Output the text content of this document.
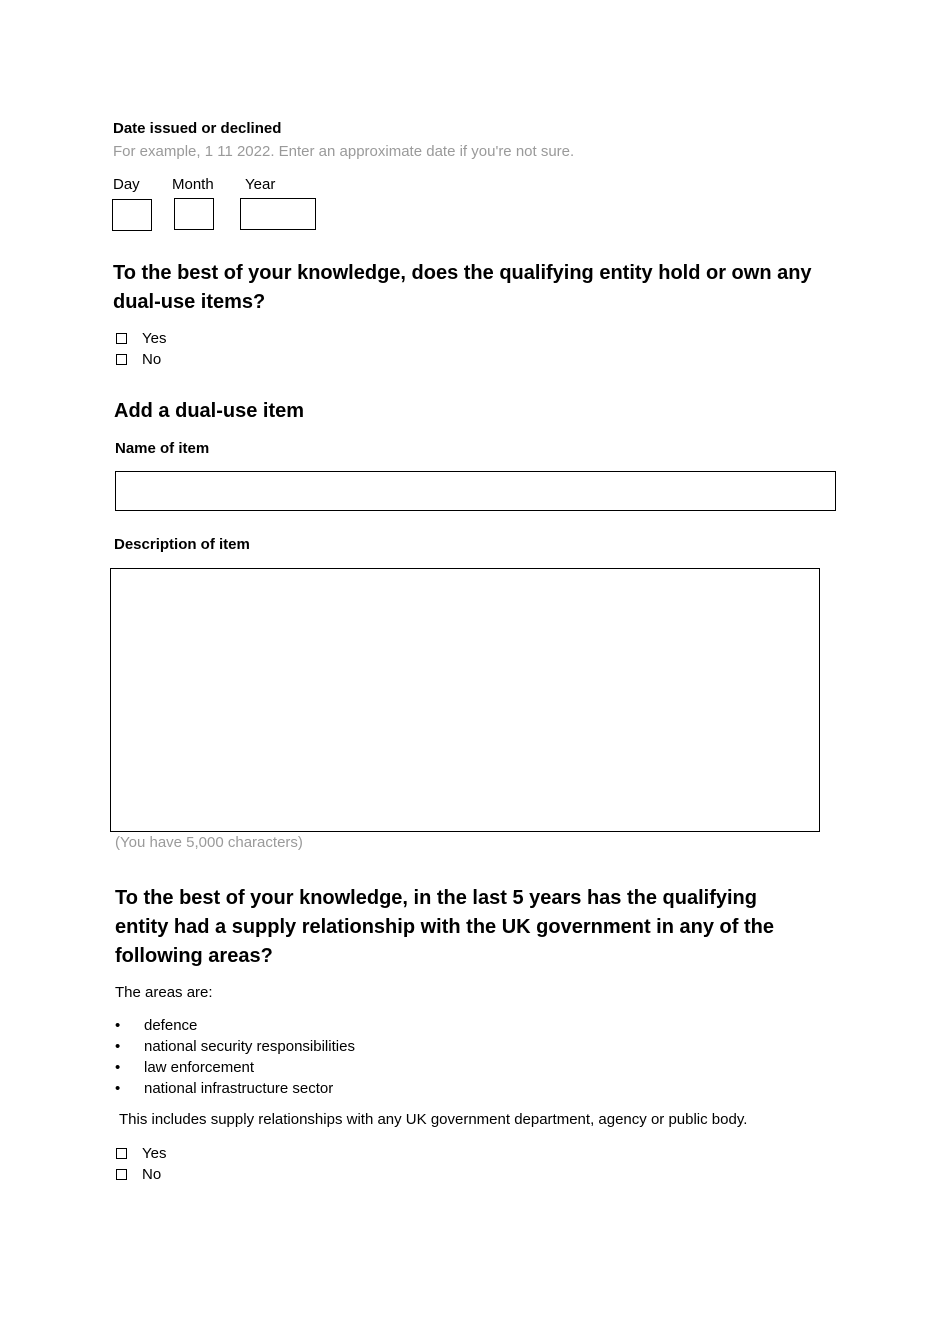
Date issued or declined
For example, 1 11 2022. Enter an approximate date if you're not sure.
Day Month Year
To the best of your knowledge, does the qualifying entity hold or own any dual-use items?
Yes
No
Add a dual-use item
Name of item
Description of item
(You have 5,000 characters)
To the best of your knowledge, in the last 5 years has the qualifying entity had a supply relationship with the UK government in any of the following areas?
The areas are:
•	defence
•	national security responsibilities
•	law enforcement
•	national infrastructure sector
This includes supply relationships with any UK government department, agency or public body.
Yes
No
